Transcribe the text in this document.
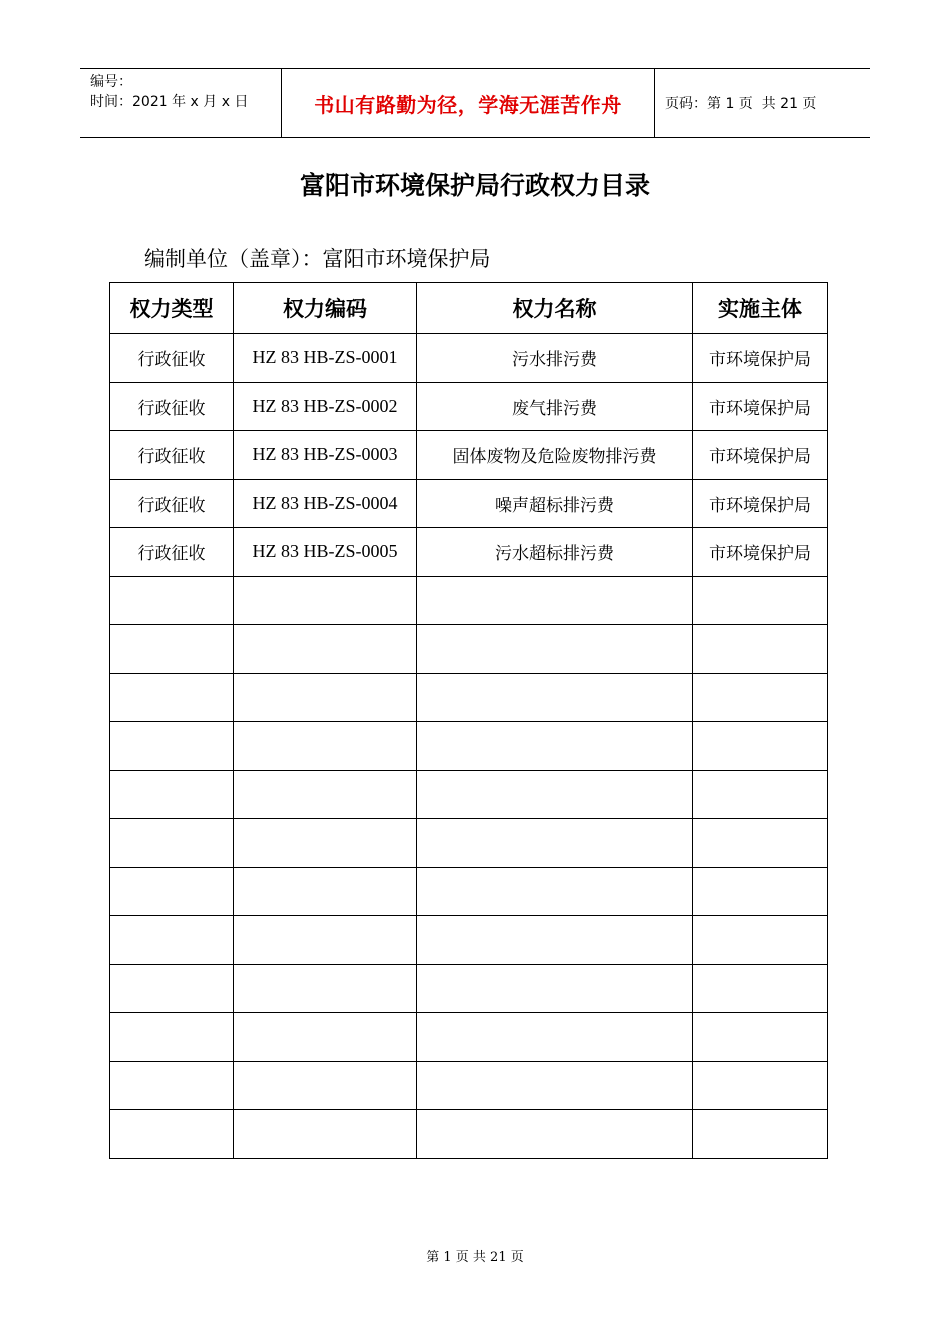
编号：
时间：2021 年 x 月 x 日	书山有路勤为径，学海无涯苦作舟	页码：第 1 页  共 21 页
富阳市环境保护局行政权力目录
编制单位（盖章）：富阳市环境保护局
权力类型	权力编码	权力名称	实施主体
行政征收	HZ 83 HB-ZS-0001	污水排污费	市环境保护局
行政征收	HZ 83 HB-ZS-0002	废气排污费	市环境保护局
行政征收	HZ 83 HB-ZS-0003	固体废物及危险废物排污费	市环境保护局
行政征收	HZ 83 HB-ZS-0004	噪声超标排污费	市环境保护局
行政征收	HZ 83 HB-ZS-0005	污水超标排污费	市环境保护局

第 1 页 共 21 页
